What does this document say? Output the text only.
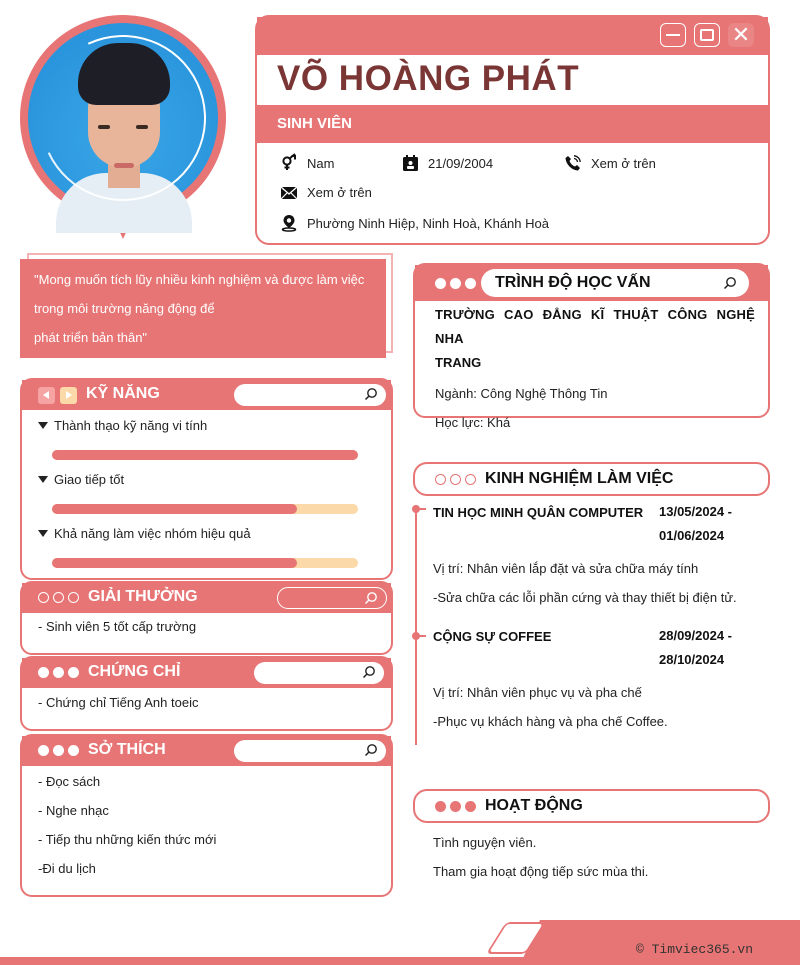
✕
VÕ HOÀNG PHÁT
SINH VIÊN
Nam	21/09/2004	Xem ở trên
Xem ở trên
Phường Ninh Hiệp, Ninh Hoà, Khánh Hoà
"Mong muốn tích lũy nhiều kinh nghiệm và được làm việc
trong môi trường năng động để
phát triển bản thân"
KỸ NĂNG
Thành thạo kỹ năng vi tính
Giao tiếp tốt
Khả năng làm việc nhóm hiệu quả
GIẢI THƯỞNG
- Sinh viên 5 tốt cấp trường
CHỨNG CHỈ
- Chứng chỉ Tiếng Anh toeic
SỞ THÍCH
- Đọc sách
- Nghe nhạc
- Tiếp thu những kiến thức mới
-Đi du lịch
TRÌNH ĐỘ HỌC VẤN
TRƯỜNG CAO ĐẲNG KĨ THUẬT CÔNG NGHỆ NHA
TRANG
Ngành: Công Nghệ Thông Tin
Học lực: Khá
KINH NGHIỆM LÀM VIỆC
TIN HỌC MINH QUÂN COMPUTER 13/05/2024 -
01/06/2024
Vị trí: Nhân viên lắp đặt và sửa chữa máy tính
-Sửa chữa các lỗi phần cứng và thay thiết bị điện tử.
CỘNG SỰ COFFEE	28/09/2024 -
28/10/2024
Vị trí: Nhân viên phục vụ và pha chế
-Phục vụ khách hàng và pha chế Coffee.
HOẠT ĐỘNG
Tình nguyện viên.
Tham gia hoạt động tiếp sức mùa thi.
© Timviec365.vn
